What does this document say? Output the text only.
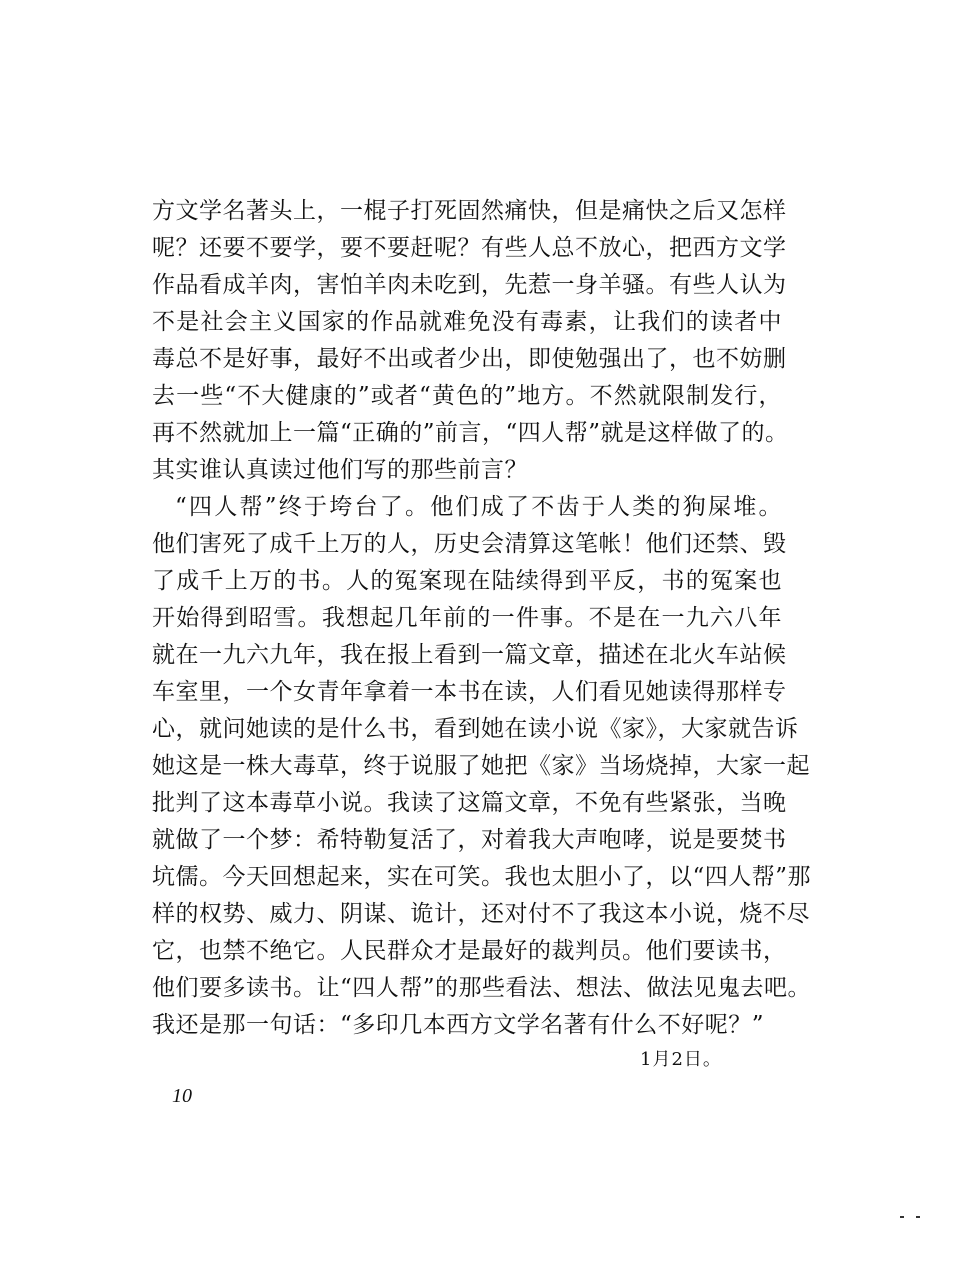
方文学名著头上，一棍子打死固然痛快，但是痛快之后又怎样
呢？还要不要学，要不要赶呢？有些人总不放心，把西方文学
作品看成羊肉，害怕羊肉未吃到，先惹一身羊骚。有些人认为
不是社会主义国家的作品就难免没有毒素，让我们的读者中
毒总不是好事，最好不出或者少出，即使勉强出了，也不妨删
去一些“不大健康的”或者“黄色的”地方。不然就限制发行，
再不然就加上一篇“正确的”前言，“四人帮”就是这样做了的。
其实谁认真读过他们写的那些前言？
“四人帮”终于垮台了。他们成了不齿于人类的狗屎堆。
他们害死了成千上万的人，历史会清算这笔帐！他们还禁、毁
了成千上万的书。人的冤案现在陆续得到平反，书的冤案也
开始得到昭雪。我想起几年前的一件事。不是在一九六八年
就在一九六九年，我在报上看到一篇文章，描述在北火车站候
车室里，一个女青年拿着一本书在读，人们看见她读得那样专
心，就问她读的是什么书，看到她在读小说《家》，大家就告诉
她这是一株大毒草，终于说服了她把《家》当场烧掉，大家一起
批判了这本毒草小说。我读了这篇文章，不免有些紧张，当晚
就做了一个梦：希特勒复活了，对着我大声咆哮，说是要焚书
坑儒。今天回想起来，实在可笑。我也太胆小了，以“四人帮”那
样的权势、威力、阴谋、诡计，还对付不了我这本小说，烧不尽
它，也禁不绝它。人民群众才是最好的裁判员。他们要读书，
他们要多读书。让“四人帮”的那些看法、想法、做法见鬼去吧。
我还是那一句话：“多印几本西方文学名著有什么不好呢？”
1月2日。
10
